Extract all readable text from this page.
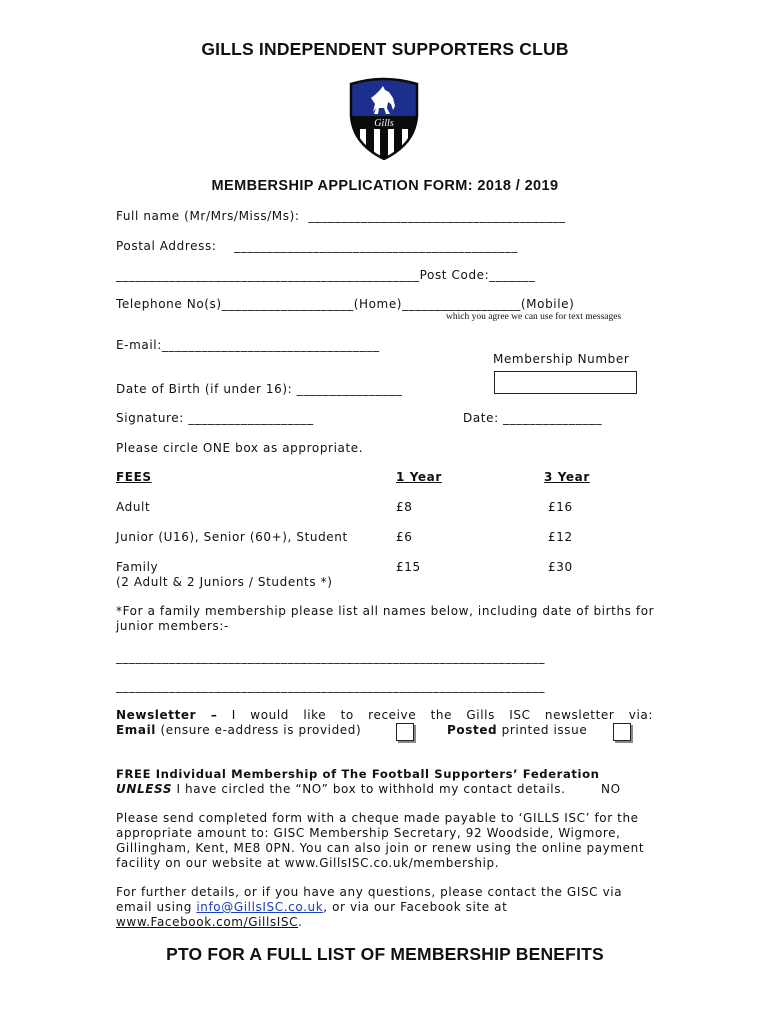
GILLS INDEPENDENT SUPPORTERS CLUB
Gills
MEMBERSHIP APPLICATION FORM: 2018 / 2019
Full name (Mr/Mrs/Miss/Ms):  _______________________________________
Postal Address:    ___________________________________________
______________________________________________Post Code:_______
Telephone No(s)____________________(Home)__________________(Mobile)
which you agree we can use for text messages
E-mail:_________________________________
Membership Number
Date of Birth (if under 16): ________________
Signature: ___________________	Date: _______________
Please circle ONE box as appropriate.
FEES	1 Year	3 Year
Adult	£8	£16
Junior (U16), Senior (60+), Student	£6	£12
Family
(2 Adult & 2 Juniors / Students *)
£15	£30
*For a family membership please list all names below, including date of births for junior members:-
_________________________________________________________________
_________________________________________________________________
Newsletter – I would like to receive the Gills ISC newsletter via:
Email (ensure e-address is provided)	Posted printed issue
FREE Individual Membership of The Football Supporters’ Federation
UNLESS I have circled the “NO” box to withhold my contact details.	NO
Please send completed form with a cheque made payable to ‘GILLS ISC’ for the appropriate amount to: GISC Membership Secretary, 92 Woodside, Wigmore, Gillingham, Kent, ME8 0PN. You can also join or renew using the online payment facility on our website at www.GillsISC.co.uk/membership.
For further details, or if you have any questions, please contact the GISC via email using info@GillsISC.co.uk, or via our Facebook site at www.Facebook.com/GillsISC.
PTO FOR A FULL LIST OF MEMBERSHIP BENEFITS
